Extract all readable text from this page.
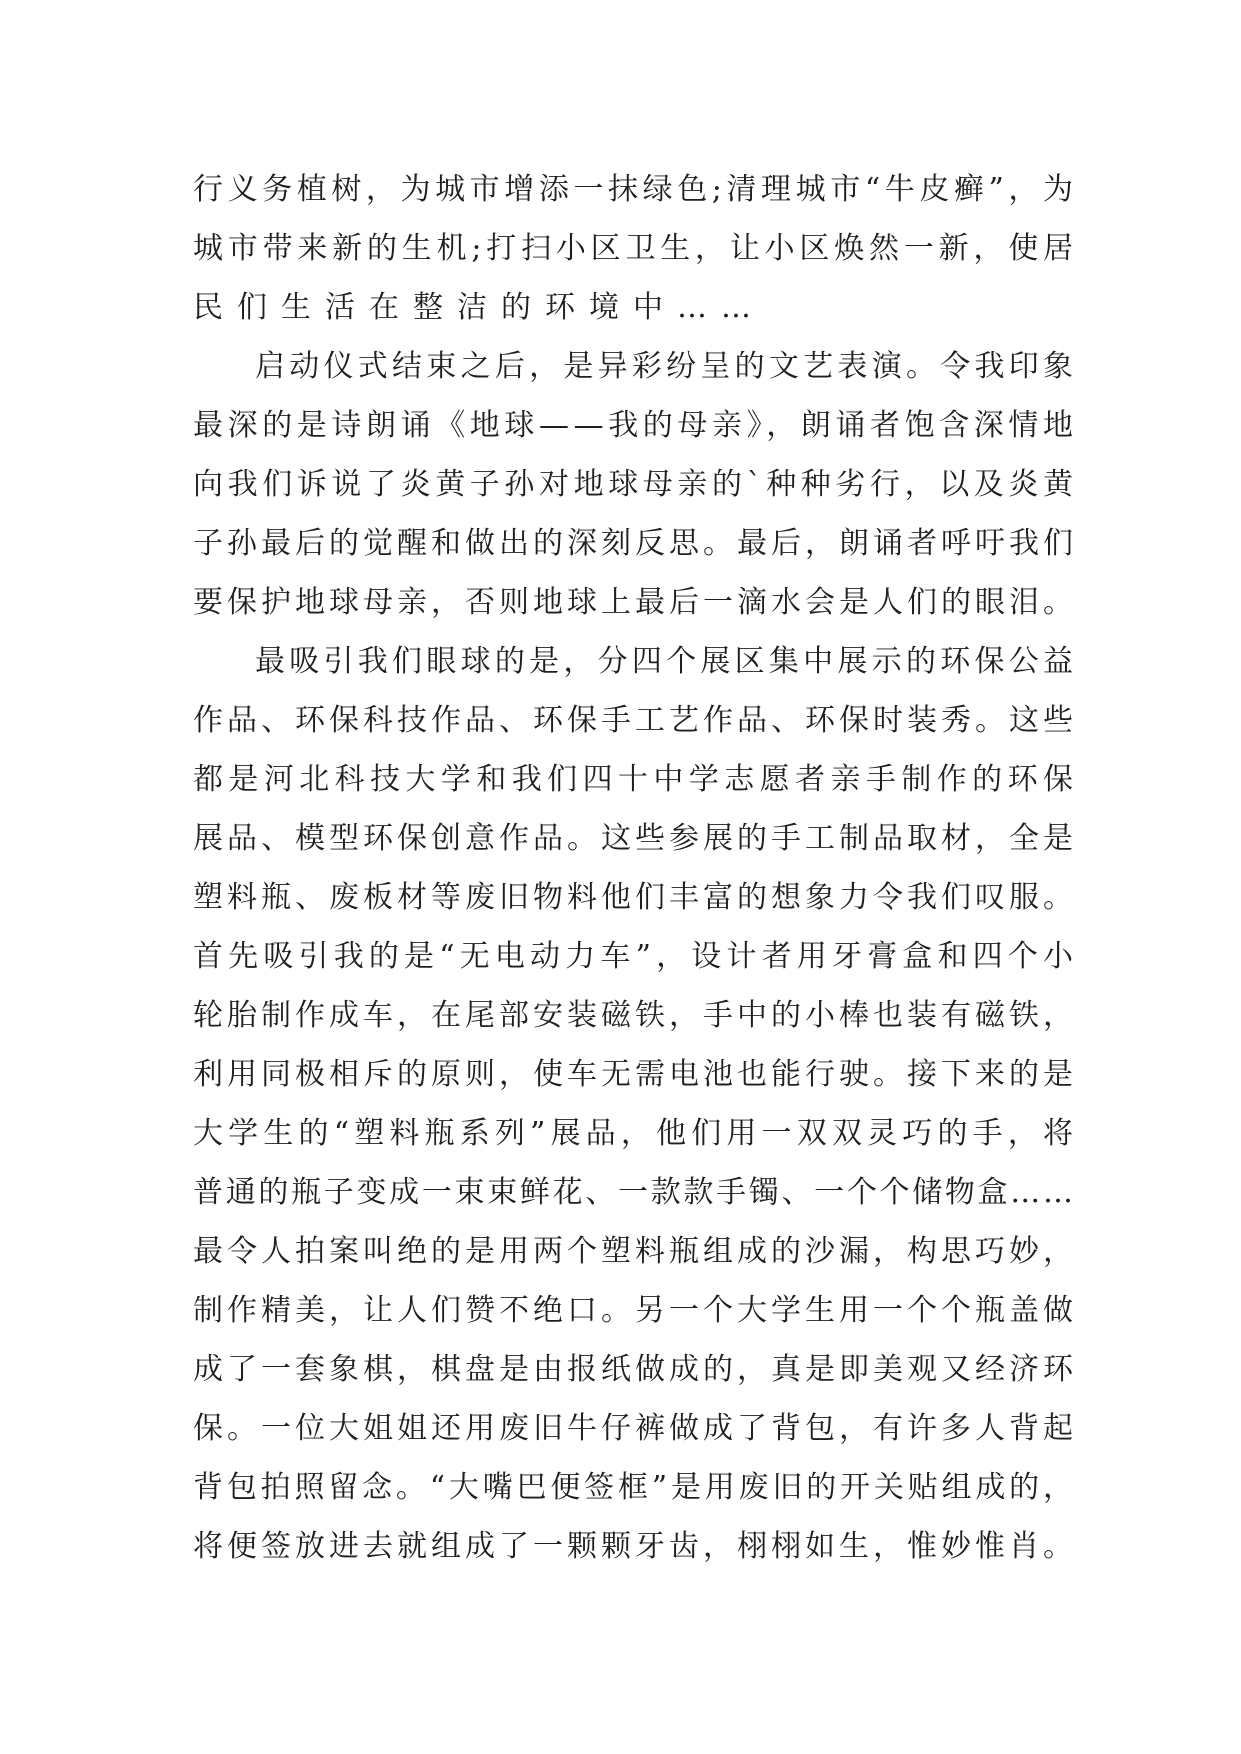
行义务植树，为城市增添一抹绿色;清理城市“牛皮癣”，为
城市带来新的生机;打扫小区卫生，让小区焕然一新，使居
民们生活在整洁的环境中……
启动仪式结束之后，是异彩纷呈的文艺表演。令我印象
最深的是诗朗诵《地球——我的母亲》，朗诵者饱含深情地
向我们诉说了炎黄子孙对地球母亲的`种种劣行，以及炎黄
子孙最后的觉醒和做出的深刻反思。最后，朗诵者呼吁我们
要保护地球母亲，否则地球上最后一滴水会是人们的眼泪。
最吸引我们眼球的是，分四个展区集中展示的环保公益
作品、环保科技作品、环保手工艺作品、环保时装秀。这些
都是河北科技大学和我们四十中学志愿者亲手制作的环保
展品、模型环保创意作品。这些参展的手工制品取材，全是
塑料瓶、废板材等废旧物料他们丰富的想象力令我们叹服。
首先吸引我的是“无电动力车”，设计者用牙膏盒和四个小
轮胎制作成车，在尾部安装磁铁，手中的小棒也装有磁铁，
利用同极相斥的原则，使车无需电池也能行驶。接下来的是
大学生的“塑料瓶系列”展品，他们用一双双灵巧的手，将
普通的瓶子变成一束束鲜花、一款款手镯、一个个储物盒……
最令人拍案叫绝的是用两个塑料瓶组成的沙漏，构思巧妙，
制作精美，让人们赞不绝口。另一个大学生用一个个瓶盖做
成了一套象棋，棋盘是由报纸做成的，真是即美观又经济环
保。一位大姐姐还用废旧牛仔裤做成了背包，有许多人背起
背包拍照留念。“大嘴巴便签框”是用废旧的开关贴组成的，
将便签放进去就组成了一颗颗牙齿，栩栩如生，惟妙惟肖。
